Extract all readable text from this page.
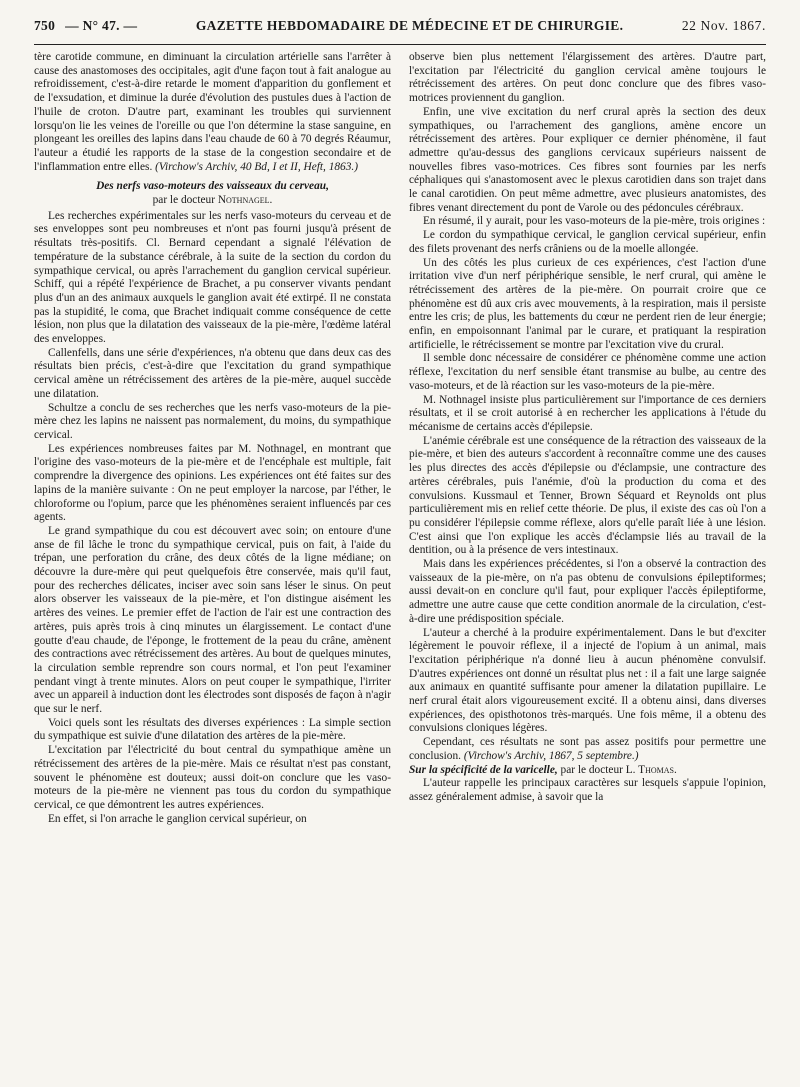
750 — N° 47. —	GAZETTE HEBDOMADAIRE DE MÉDECINE ET DE CHIRURGIE.	22 Nov. 1867.

tère carotide commune, en diminuant la circulation artérielle sans l'arrêter à cause des anastomoses des occipitales, agit d'une façon tout à fait analogue au refroidissement, c'est-à-dire retarde le moment d'apparition du gonflement et de l'exsudation, et diminue la durée d'évolution des pustules dues à l'action de l'huile de croton. D'autre part, examinant les troubles qui surviennent lorsqu'on lie les veines de l'oreille ou que l'on détermine la stase sanguine, en plongeant les oreilles des lapins dans l'eau chaude de 60 à 70 degrés Réaumur, l'auteur a étudié les rapports de la stase de la congestion secondaire et de l'inflammation entre elles. (Virchow's Archiv, 40 Bd, I et II, Heft, 1863.)

Des nerfs vaso-moteurs des vaisseaux du cerveau,
par le docteur Nothnagel.

Les recherches expérimentales sur les nerfs vaso-moteurs du cerveau et de ses enveloppes sont peu nombreuses et n'ont pas fourni jusqu'à présent de résultats très-positifs. Cl. Bernard cependant a signalé l'élévation de température de la substance cérébrale, à la suite de la section du cordon du sympathique cervical, ou après l'arrachement du ganglion cervical supérieur. Schiff, qui a répété l'expérience de Brachet, a pu conserver vivants pendant plus d'un an des animaux auxquels le ganglion avait été extirpé. Il ne constata pas la stupidité, le coma, que Brachet indiquait comme conséquence de cette lésion, non plus que la dilatation des vaisseaux de la pie-mère, l'œdème latéral des enveloppes.

Callenfells, dans une série d'expériences, n'a obtenu que dans deux cas des résultats bien précis, c'est-à-dire que l'excitation du grand sympathique cervical amène un rétrécissement des artères de la pie-mère, auquel succède une dilatation.

Schultze a conclu de ses recherches que les nerfs vaso-moteurs de la pie-mère chez les lapins ne naissent pas normalement, du moins, du sympathique cervical.

Les expériences nombreuses faites par M. Nothnagel, en montrant que l'origine des vaso-moteurs de la pie-mère et de l'encéphale est multiple, fait comprendre la divergence des opinions. Les expériences ont été faites sur des lapins de la manière suivante : On ne peut employer la narcose, par l'éther, le chloroforme ou l'opium, parce que les phénomènes seraient influencés par ces agents.

Le grand sympathique du cou est découvert avec soin; on entoure d'une anse de fil lâche le tronc du sympathique cervical, puis on fait, à l'aide du trépan, une perforation du crâne, des deux côtés de la ligne médiane; on découvre la dure-mère qui peut quelquefois être conservée, mais qu'il faut, pour des recherches délicates, inciser avec soin sans léser le sinus. On peut alors observer les vaisseaux de la pie-mère, et l'on distingue aisément les artères des veines. Le premier effet de l'action de l'air est une contraction des artères, puis après trois à cinq minutes un élargissement. Le contact d'une goutte d'eau chaude, de l'éponge, le frottement de la peau du crâne, amènent des contractions avec rétrécissement des artères. Au bout de quelques minutes, la circulation semble reprendre son cours normal, et l'on peut l'examiner pendant vingt à trente minutes. Alors on peut couper le sympathique, l'irriter avec un appareil à induction dont les électrodes sont disposés de façon à n'agir que sur le nerf.

Voici quels sont les résultats des diverses expériences : La simple section du sympathique est suivie d'une dilatation des artères de la pie-mère.

L'excitation par l'électricité du bout central du sympathique amène un rétrécissement des artères de la pie-mère. Mais ce résultat n'est pas constant, souvent le phénomène est douteux; aussi doit-on conclure que les vaso-moteurs de la pie-mère ne viennent pas tous du cordon du sympathique cervical, ce que démontrent les autres expériences.

En effet, si l'on arrache le ganglion cervical supérieur, on

observe bien plus nettement l'élargissement des artères. D'autre part, l'excitation par l'électricité du ganglion cervical amène toujours le rétrécissement des artères. On peut donc conclure que des fibres vaso-motrices proviennent du ganglion.

Enfin, une vive excitation du nerf crural après la section des deux sympathiques, ou l'arrachement des ganglions, amène encore un rétrécissement des artères. Pour expliquer ce dernier phénomène, il faut admettre qu'au-dessus des ganglions cervicaux supérieurs naissent de nouvelles fibres vaso-motrices. Ces fibres sont fournies par les nerfs céphaliques qui s'anastomosent avec le plexus carotidien dans son trajet dans le canal carotidien. On peut même admettre, avec plusieurs anatomistes, des fibres venant directement du pont de Varole ou des pédoncules cérébraux.

En résumé, il y aurait, pour les vaso-moteurs de la pie-mère, trois origines :

Le cordon du sympathique cervical, le ganglion cervical supérieur, enfin des filets provenant des nerfs crâniens ou de la moelle allongée.

Un des côtés les plus curieux de ces expériences, c'est l'action d'une irritation vive d'un nerf périphérique sensible, le nerf crural, qui amène le rétrécissement des artères de la pie-mère. On pourrait croire que ce phénomène est dû aux cris avec mouvements, à la respiration, mais il persiste entre les cris; de plus, les battements du cœur ne perdent rien de leur énergie; enfin, en empoisonnant l'animal par le curare, et pratiquant la respiration artificielle, le rétrécissement se montre par l'excitation vive du crural.

Il semble donc nécessaire de considérer ce phénomène comme une action réflexe, l'excitation du nerf sensible étant transmise au bulbe, au centre des vaso-moteurs, et de là réaction sur les vaso-moteurs de la pie-mère.

M. Nothnagel insiste plus particulièrement sur l'importance de ces derniers résultats, et il se croit autorisé à en rechercher les applications à l'étude du mécanisme de certains accès d'épilepsie.

L'anémie cérébrale est une conséquence de la rétraction des vaisseaux de la pie-mère, et bien des auteurs s'accordent à reconnaître comme une des causes les plus directes des accès d'épilepsie ou d'éclampsie, une contracture des artères cérébrales, puis l'anémie, d'où la production du coma et des convulsions. Kussmaul et Tenner, Brown Séquard et Reynolds ont plus particulièrement mis en relief cette théorie. De plus, il existe des cas où l'on a pu considérer l'épilepsie comme réflexe, alors qu'elle paraît liée à une lésion. C'est ainsi que l'on explique les accès d'éclampsie liés au travail de la dentition, ou à la présence de vers intestinaux.

Mais dans les expériences précédentes, si l'on a observé la contraction des vaisseaux de la pie-mère, on n'a pas obtenu de convulsions épileptiformes; aussi devait-on en conclure qu'il faut, pour expliquer l'accès épileptiforme, admettre une autre cause que cette condition anormale de la circulation, c'est-à-dire une prédisposition spéciale.

L'auteur a cherché à la produire expérimentalement. Dans le but d'exciter légèrement le pouvoir réflexe, il a injecté de l'opium à un animal, mais l'excitation périphérique n'a donné lieu à aucun phénomène convulsif. D'autres expériences ont donné un résultat plus net : il a fait une large saignée aux animaux en quantité suffisante pour amener la dilatation pupillaire. Le nerf crural était alors vigoureusement excité. Il a obtenu ainsi, dans diverses expériences, des opisthotonos très-marqués. Une fois même, il a obtenu des convulsions cloniques légères.

Cependant, ces résultats ne sont pas assez positifs pour permettre une conclusion. (Virchow's Archiv, 1867, 5 septembre.)

Sur la spécificité de la varicelle, par le docteur L. Thomas.

L'auteur rappelle les principaux caractères sur lesquels s'appuie l'opinion, assez généralement admise, à savoir que la
